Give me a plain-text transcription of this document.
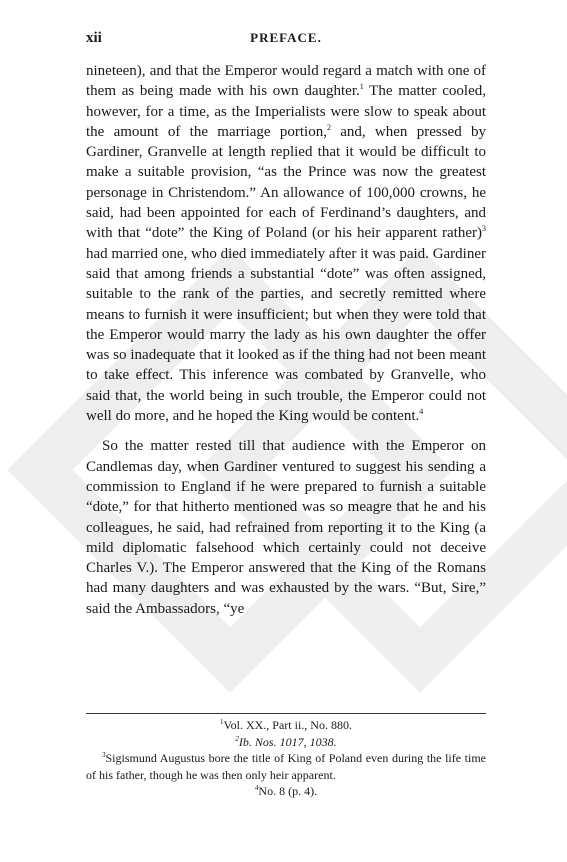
xii	PREFACE.

nineteen), and that the Emperor would regard a match with one of them as being made with his own daughter.$^1$ The matter cooled, however, for a time, as the Imperialists were slow to speak about the amount of the marriage portion,$^2$ and, when pressed by Gardiner, Granvelle at length replied that it would be difficult to make a suitable provision, “as the Prince was now the greatest personage in Christendom.” An allowance of 100,000 crowns, he said, had been appointed for each of Ferdinand’s daughters, and with that “dote” the King of Poland (or his heir apparent rather)$^3$ had married one, who died immediately after it was paid. Gardiner said that among friends a substantial “dote” was often assigned, suitable to the rank of the parties, and secretly remitted where means to furnish it were insufficient; but when they were told that the Emperor would marry the lady as his own daughter the offer was so inadequate that it looked as if the thing had not been meant to take effect. This inference was combated by Granvelle, who said that, the world being in such trouble, the Emperor could not well do more, and he hoped the King would be content.$^4$

So the matter rested till that audience with the Emperor on Candlemas day, when Gardiner ventured to suggest his sending a commission to England if he were prepared to furnish a suitable “dote,” for that hitherto mentioned was so meagre that he and his colleagues, he said, had refrained from reporting it to the King (a mild diplomatic falsehood which certainly could not deceive Charles V.). The Emperor answered that the King of the Romans had many daughters and was exhausted by the wars. “But, Sire,” said the Ambassadors, “ye

$^1$Vol. XX., Part ii., No. 880.

$^2$Ib. Nos. 1017, 1038.

$^3$Sigismund Augustus bore the title of King of Poland even during the life time of his father, though he was then only heir apparent.

$^4$No. 8 (p. 4).
